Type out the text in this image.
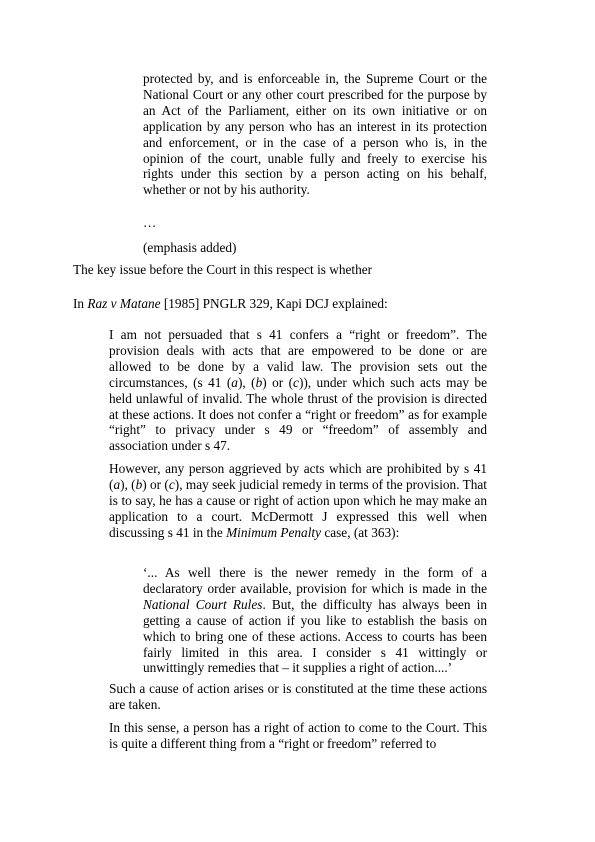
protected by, and is enforceable in, the Supreme Court or the National Court or any other court prescribed for the purpose by an Act of the Parliament, either on its own initiative or on application by any person who has an interest in its protection and enforcement, or in the case of a person who is, in the opinion of the court, unable fully and freely to exercise his rights under this section by a person acting on his behalf, whether or not by his authority.

…

(emphasis added)

The key issue before the Court in this respect is whether
In Raz v Matane [1985] PNGLR 329, Kapi DCJ explained:

I am not persuaded that s 41 confers a “right or freedom”. The provision deals with acts that are empowered to be done or are allowed to be done by a valid law. The provision sets out the circumstances, (s 41 (a), (b) or (c)), under which such acts may be held unlawful of invalid. The whole thrust of the provision is directed at these actions. It does not confer a “right or freedom” as for example “right” to privacy under s 49 or “freedom” of assembly and association under s 47.

However, any person aggrieved by acts which are prohibited by s 41 (a), (b) or (c), may seek judicial remedy in terms of the provision. That is to say, he has a cause or right of action upon which he may make an application to a court. McDermott J expressed this well when discussing s 41 in the Minimum Penalty case, (at 363):

‘... As well there is the newer remedy in the form of a declaratory order available, provision for which is made in the National Court Rules. But, the difficulty has always been in getting a cause of action if you like to establish the basis on which to bring one of these actions. Access to courts has been fairly limited in this area. I consider s 41 wittingly or unwittingly remedies that – it supplies a right of action....’

Such a cause of action arises or is constituted at the time these actions are taken.

In this sense, a person has a right of action to come to the Court. This is quite a different thing from a “right or freedom” referred to
